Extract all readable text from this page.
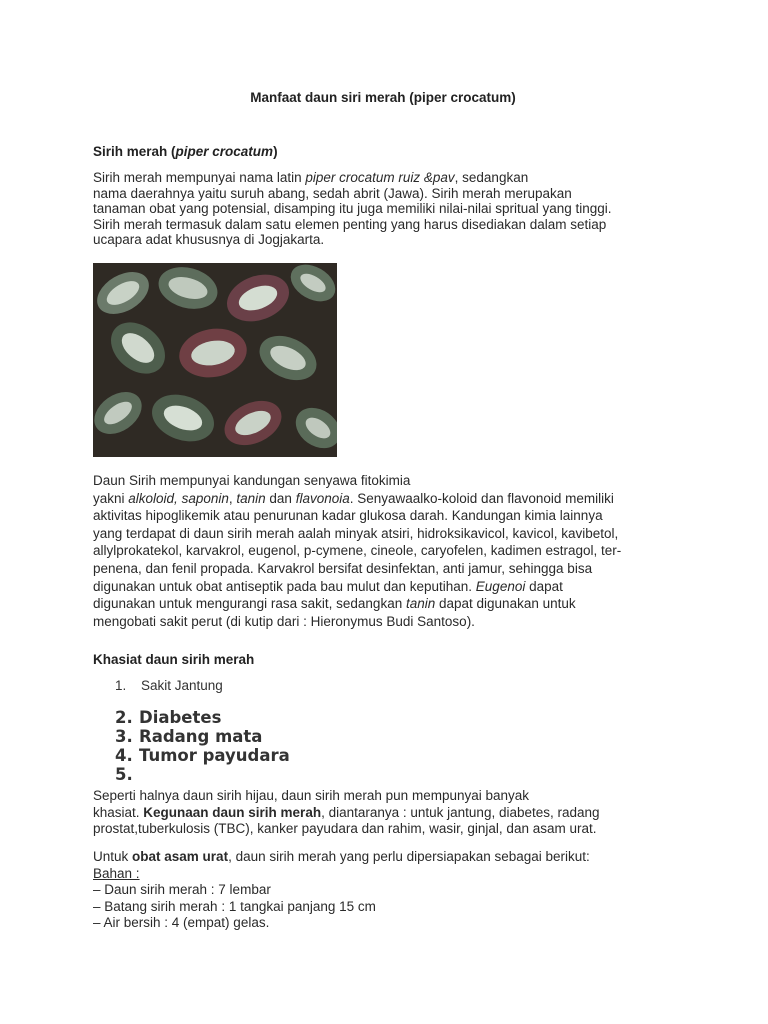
Manfaat daun siri merah (piper crocatum)

Sirih merah (piper crocatum)

Sirih merah mempunyai nama latin piper crocatum ruiz &pav, sedangkan

nama daerahnya yaitu suruh abang, sedah abrit (Jawa). Sirih merah merupakan

tanaman obat yang potensial, disamping itu juga memiliki nilai-nilai spritual yang tinggi.

Sirih merah termasuk dalam satu elemen penting yang harus disediakan dalam setiap

ucapara adat khususnya di Jogjakarta.

Daun Sirih mempunyai kandungan senyawa fitokimia

yakni alkoloid, saponin, tanin dan flavonoia. Senyawaalko-koloid dan flavonoid memiliki

aktivitas hipoglikemik atau penurunan kadar glukosa darah. Kandungan kimia lainnya

yang terdapat di daun sirih merah aalah minyak atsiri, hidroksikavicol, kavicol, kavibetol,

allylprokatekol, karvakrol, eugenol, p-cymene, cineole, caryofelen, kadimen estragol, ter-

penena, dan fenil propada. Karvakrol bersifat desinfektan, anti jamur, sehingga bisa

digunakan untuk obat antiseptik pada bau mulut dan keputihan. Eugenoi dapat

digunakan untuk mengurangi rasa sakit, sedangkan tanin dapat digunakan untuk

mengobati sakit perut (di kutip dari : Hieronymus Budi Santoso).

Khasiat daun sirih merah

1. Sakit Jantung
2. Diabetes
3. Radang mata
4. Tumor payudara
5.

Seperti halnya daun sirih hijau, daun sirih merah pun mempunyai banyak

khasiat. Kegunaan daun sirih merah, diantaranya : untuk jantung, diabetes, radang

prostat,tuberkulosis (TBC), kanker payudara dan rahim, wasir, ginjal, dan asam urat.

Untuk obat asam urat, daun sirih merah yang perlu dipersiapakan sebagai berikut:

Bahan :

– Daun sirih merah : 7 lembar

– Batang sirih merah : 1 tangkai panjang 15 cm

– Air bersih : 4 (empat) gelas.
